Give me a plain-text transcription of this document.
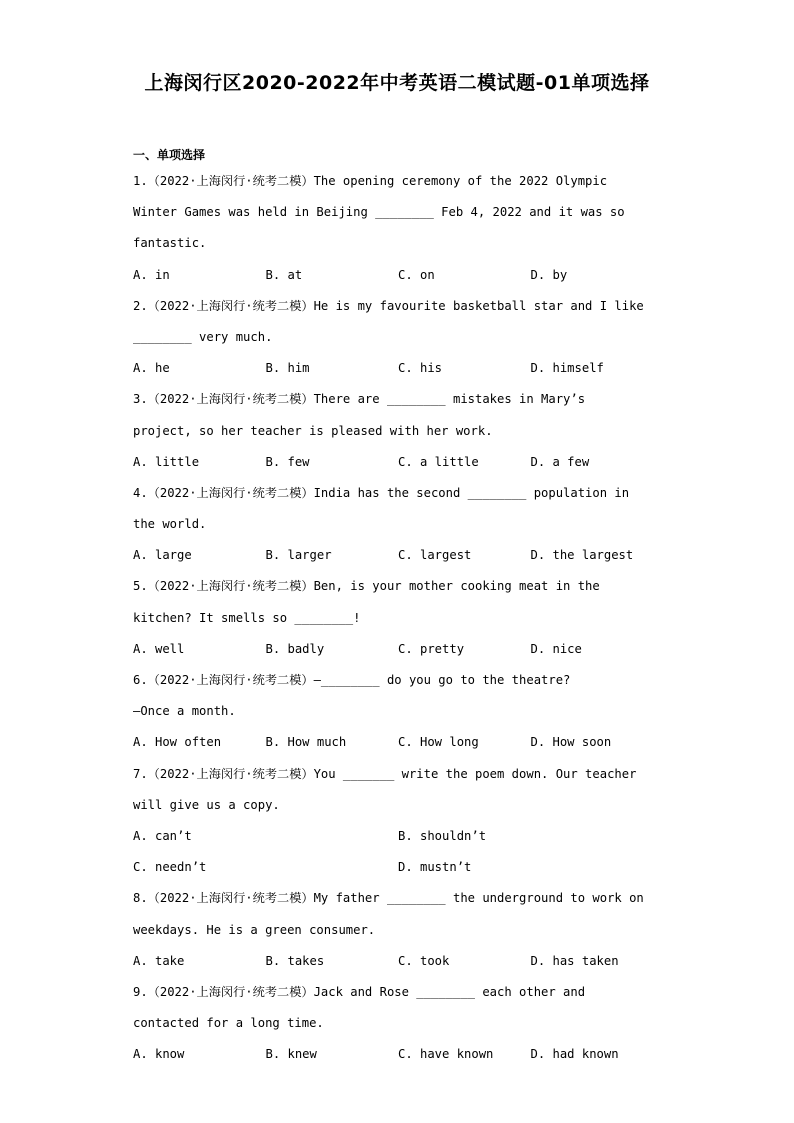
上海闵行区2020-2022年中考英语二模试题-01单项选择
一、单项选择
1.（2022·上海闵行·统考二模）The opening ceremony of the 2022 Olympic
Winter Games was held in Beijing ________ Feb 4, 2022 and it was so
fantastic.
A. in	B. at	C. on	D. by
2.（2022·上海闵行·统考二模）He is my favourite basketball star and I like
________ very much.
A. he	B. him	C. his	D. himself
3.（2022·上海闵行·统考二模）There are ________ mistakes in Mary’s
project, so her teacher is pleased with her work.
A. little	B. few	C. a little	D. a few
4.（2022·上海闵行·统考二模）India has the second ________ population in
the world.
A. large	B. larger	C. largest	D. the largest
5.（2022·上海闵行·统考二模）Ben, is your mother cooking meat in the
kitchen? It smells so ________!
A. well	B. badly	C. pretty	D. nice
6.（2022·上海闵行·统考二模）—________ do you go to the theatre?
—Once a month.
A. How often	B. How much	C. How long	D. How soon
7.（2022·上海闵行·统考二模）You _______ write the poem down. Our teacher
will give us a copy.
A. can’t	B. shouldn’t
C. needn’t	D. mustn’t
8.（2022·上海闵行·统考二模）My father ________ the underground to work on
weekdays. He is a green consumer.
A. take	B. takes	C. took	D. has taken
9.（2022·上海闵行·统考二模）Jack and Rose ________ each other and
contacted for a long time.
A. know	B. knew	C. have known	D. had known
